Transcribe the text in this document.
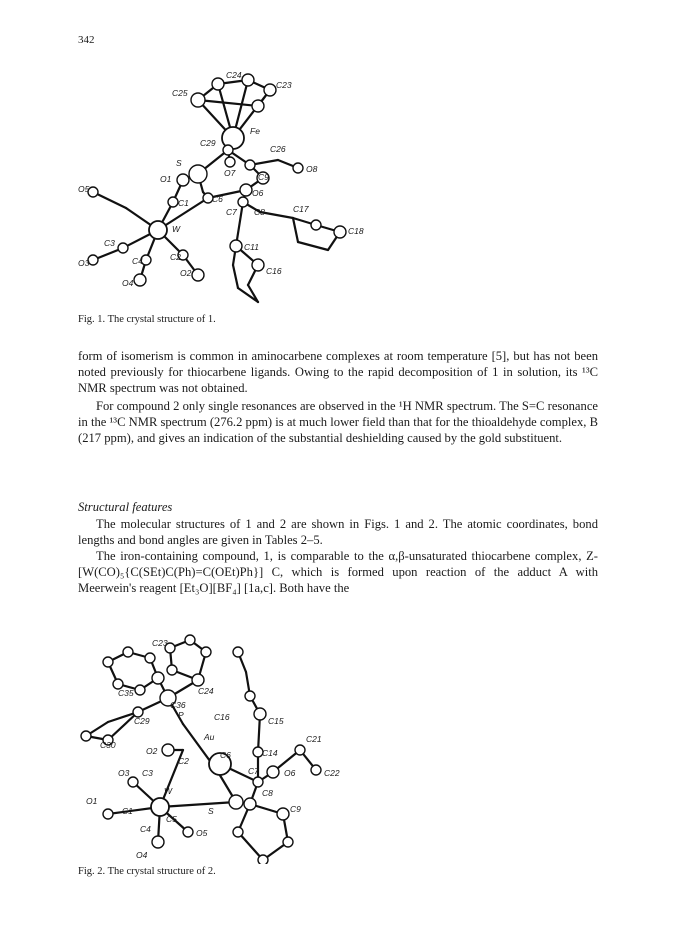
342
C24
C25
C23
Fe
C29
C26
S
O7	C9
O8
O5
O1
C1	C6
O6
C8
C7	C17
C18
W
C3
C2
C11
O3	C4
O2	C16
O4
Fig. 1. The crystal structure of 1.

form of isomerism is common in aminocarbene complexes at room temperature [5], but has not been noted previously for thiocarbene ligands. Owing to the rapid decomposition of 1 in solution, its ¹³C NMR spectrum was not obtained.

For compound 2 only single resonances are observed in the ¹H NMR spectrum. The S=C resonance in the ¹³C NMR spectrum (276.2 ppm) is at much lower field than that for the thioaldehyde complex, B (217 ppm), and gives an indication of the substantial deshielding caused by the gold substituent.

Structural features

The molecular structures of 1 and 2 are shown in Figs. 1 and 2. The atomic coordinates, bond lengths and bond angles are given in Tables 2–5.

The iron-containing compound, 1, is comparable to the α,β-unsaturated thiocarbene complex, Z-[W(CO)₅{C(SEt)C(Ph)=C(OEt)Ph}] C, which is formed upon reaction of the adduct A with Meerwein's reagent [Et₃O][BF₄] [1a,c]. Both have the

C23
C35	C24
C36
P
C29	C16	C15
C30
Au	C21
O2
C2
C6	C14
O3 C3	C7	O6	C22
W	C8
O1
C1	S	C9
C4
C5
O5
O4
Fig. 2. The crystal structure of 2.
